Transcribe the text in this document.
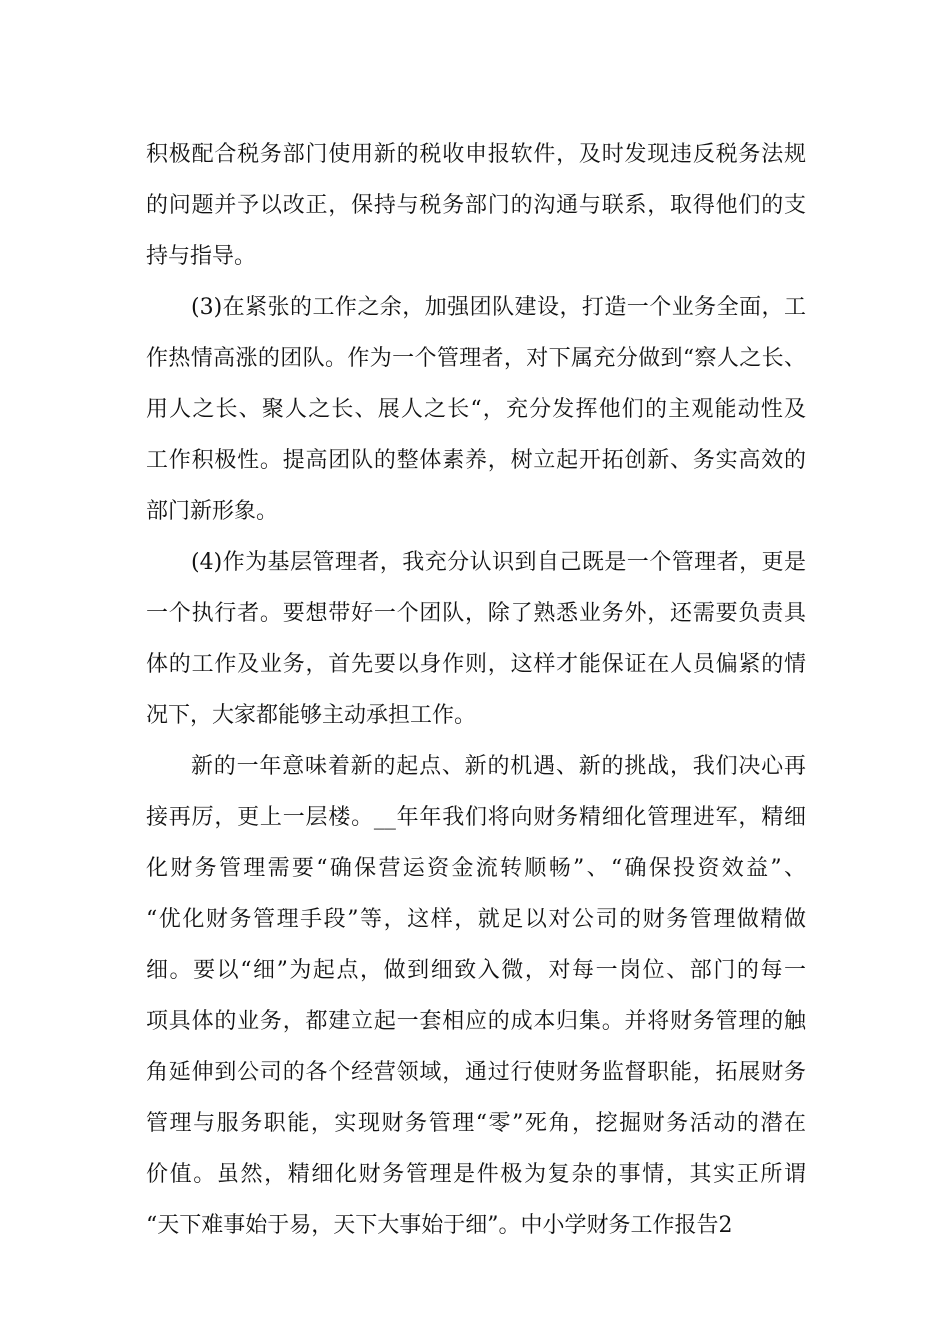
积极配合税务部门使用新的税收申报软件，及时发现违反税务法规
的问题并予以改正，保持与税务部门的沟通与联系，取得他们的支
持与指导。
(3)在紧张的工作之余，加强团队建设，打造一个业务全面，工
作热情高涨的团队。作为一个管理者，对下属充分做到“察人之长、
用人之长、聚人之长、展人之长“，充分发挥他们的主观能动性及
工作积极性。提高团队的整体素养，树立起开拓创新、务实高效的
部门新形象。
(4)作为基层管理者，我充分认识到自己既是一个管理者，更是
一个执行者。要想带好一个团队，除了熟悉业务外，还需要负责具
体的工作及业务，首先要以身作则，这样才能保证在人员偏紧的情
况下，大家都能够主动承担工作。
新的一年意味着新的起点、新的机遇、新的挑战，我们决心再
接再厉，更上一层楼。__年年我们将向财务精细化管理进军，精细
化财务管理需要“确保营运资金流转顺畅”、“确保投资效益”、
“优化财务管理手段”等，这样，就足以对公司的财务管理做精做
细。要以“细”为起点，做到细致入微，对每一岗位、部门的每一
项具体的业务，都建立起一套相应的成本归集。并将财务管理的触
角延伸到公司的各个经营领域，通过行使财务监督职能，拓展财务
管理与服务职能，实现财务管理“零”死角，挖掘财务活动的潜在
价值。虽然，精细化财务管理是件极为复杂的事情，其实正所谓
“天下难事始于易，天下大事始于细”。中小学财务工作报告2
